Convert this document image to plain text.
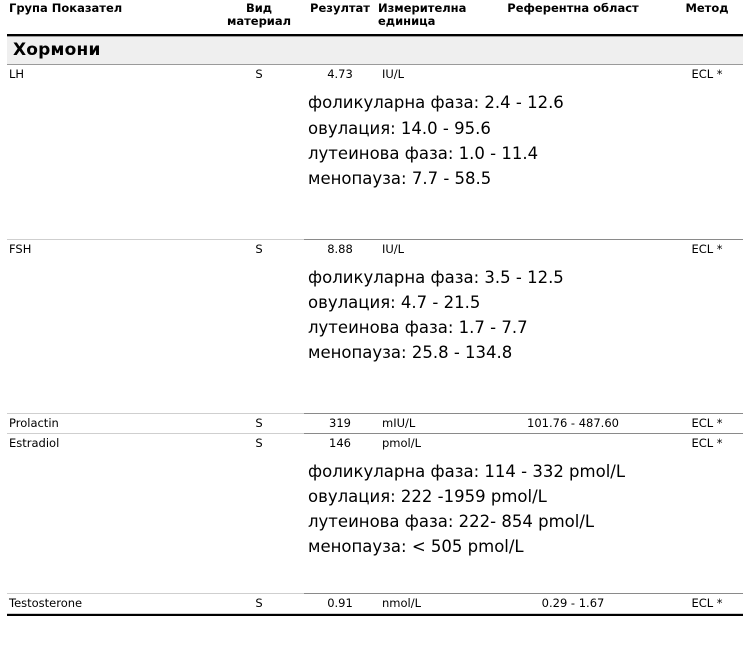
Група Показател	Вид
материал
	Резултат	Измерителна
единица
	Референтна област	Метод

Хормони					
LH	S	4.73	IU/L		ECL *

		фоликуларна фаза: 2.4 - 12.6
овулация: 14.0 - 95.6
лутеинова фаза: 1.0 - 11.4
менопауза: 7.7 - 58.5			

FSH	S	8.88	IU/L		ECL *

		фоликуларна фаза: 3.5 - 12.5
овулация: 4.7 - 21.5
лутеинова фаза: 1.7 - 7.7
менопауза: 25.8 - 134.8			

Prolactin	S	319	mIU/L	101.76 - 487.60	ECL *
Estradiol	S	146	pmol/L		ECL *

		фоликуларна фаза: 114 - 332 pmol/L
овулация: 222 -1959 pmol/L
лутеинова фаза: 222- 854 pmol/L
менопауза: < 505 pmol/L			

Testosterone	S	0.91	nmol/L	0.29 - 1.67	ECL *
